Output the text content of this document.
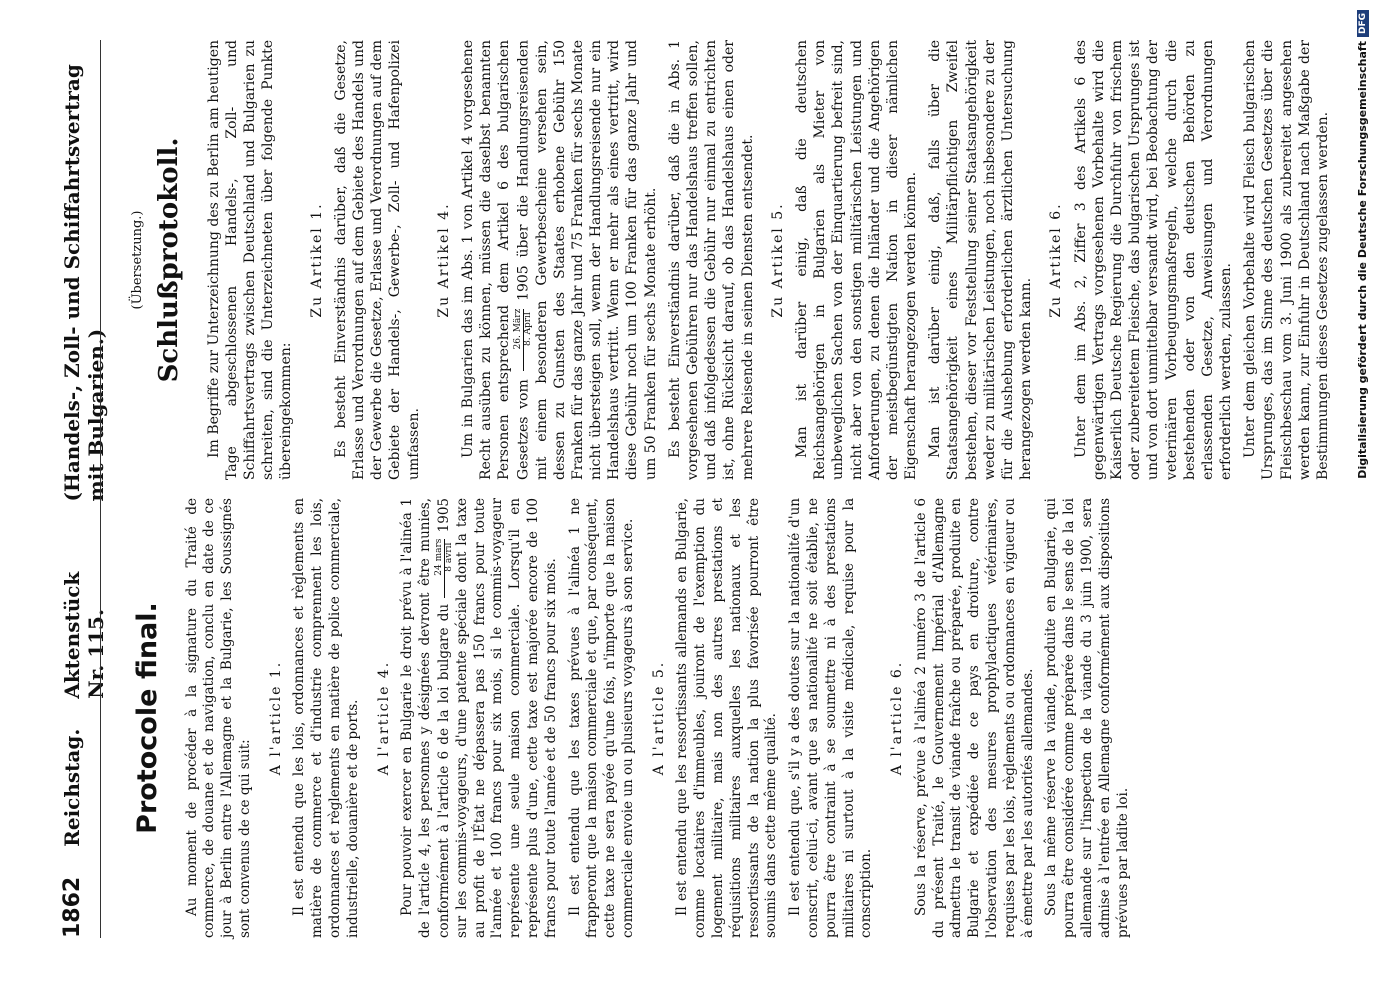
1862
Reichstag.
Aktenstück Nr. 115.
(Handels-, Zoll- und Schiffahrtsvertrag mit Bulgarien.)
Protocole final. Au moment de procéder à la signature du Traité de commerce, de douane et de navigation, conclu en date de ce jour à Berlin entre l'Allemagne et la Bulgarie, les Soussignés sont convenus de ce qui suit:

A l'article 1. Il est entendu que les lois, ordonnances et règlements en matière de commerce et d'industrie comprennent les lois, ordonnances et règlements en matière de police commerciale, industrielle, douanière et de ports. A l'article 4. Pour pouvoir exercer en Bulgarie le droit prévu à l'alinéa 1 de l'article 4, les personnes y désignées devront être munies, conformément à l'article 6 de la loi bulgare du
24 mars 8 avril
1905 sur les commis-voyageurs, d'une patente spéciale dont la taxe au profit de l'État ne dépassera pas 150 francs pour toute l'année et 100 francs pour six mois, si le commis-voyageur représente une seule maison commerciale. Lorsqu'il en représente plus d'une, cette taxe est majorée encore de 100 francs pour toute l'année et de 50 francs pour six mois. Il est entendu que les taxes prévues à l'alinéa 1 ne frapperont que la maison commerciale et que, par conséquent, cette taxe ne sera payée qu'une fois, n'importe que la maison commerciale envoie un ou plusieurs voyageurs à son service. A l'article 5. Il est entendu que les ressortissants allemands en Bulgarie, comme locataires d'immeubles, jouiront de l'exemption du logement militaire, mais non des autres prestations et réquisitions militaires auxquelles les nationaux et les ressortissants de la nation la plus favorisée pourront être soumis dans cette même qualité. Il est entendu que, s'il y a des doutes sur la nationalité d'un conscrit, celui-ci, avant que sa nationalité ne soit établie, ne pourra être contraint à se soumettre ni à des prestations militaires ni surtout à la visite médicale, requise pour la conscription.

A l'article 6. Sous la réserve, prévue à l'alinéa 2 numéro 3 de l'article 6 du présent Traité, le Gouvernement Impérial d'Allemagne admettra le transit de viande fraîche ou préparée, produite en Bulgarie et expédiée de ce pays en droiture, contre l'observation des mesures prophylactiques vétérinaires, requises par les lois, règlements ou ordonnances en vigueur ou à émettre par les autorités allemandes. Sous la même réserve la viande, produite en Bulgarie, qui pourra être considérée comme préparée dans le sens de la loi allemande sur l'inspection de la viande du 3 juin 1900, sera admise à l'entrée en Allemagne conformément aux dispositions prévues par ladite loi.

(Übersetzung.) Schlußprotokoll. Im Begriffe zur Unterzeichnung des zu Berlin am heutigen Tage abgeschlossenen Handels-, Zoll- und Schiffahrtsvertrags zwischen Deutschland und Bulgarien zu schreiten, sind die Unterzeichneten über folgende Punkte übereingekommen:

Zu Artikel 1. Es besteht Einverständnis darüber, daß die Gesetze, Erlasse und Verordnungen auf dem Gebiete des Handels und der Gewerbe die Gesetze, Erlasse und Verordnungen auf dem Gebiete der Handels-, Gewerbe-, Zoll- und Hafenpolizei umfassen.

Zu Artikel 4. Um in Bulgarien das im Abs. 1 von Artikel 4 vorgesehene Recht ausüben zu können, müssen die daselbst benannten Personen entsprechend dem Artikel 6 des bulgarischen Gesetzes vom
26. März 8. April
1905 über die Handlungsreisenden mit einem besonderen Gewerbescheine versehen sein, dessen zu Gunsten des Staates erhobene Gebühr 150 Franken für das ganze Jahr und 75 Franken für sechs Monate nicht übersteigen soll, wenn der Handlungsreisende nur ein Handelshaus vertritt. Wenn er mehr als eines vertritt, wird diese Gebühr noch um 100 Franken für das ganze Jahr und um 50 Franken für sechs Monate erhöht. Es besteht Einverständnis darüber, daß die in Abs. 1 vorgesehenen Gebühren nur das Handelshaus treffen sollen, und daß infolgedessen die Gebühr nur einmal zu entrichten ist, ohne Rücksicht darauf, ob das Handelshaus einen oder mehrere Reisende in seinen Diensten entsendet. Zu Artikel 5. Man ist darüber einig, daß die deutschen Reichsangehörigen in Bulgarien als Mieter von unbeweglichen Sachen von der Einquartierung befreit sind, nicht aber von den sonstigen militärischen Leistungen und Anforderungen, zu denen die Inländer und die Angehörigen der meistbegünstigten Nation in dieser nämlichen Eigenschaft herangezogen werden können. Man ist darüber einig, daß, falls über die Staatsangehörigkeit eines Militärpflichtigen Zweifel bestehen, dieser vor Feststellung seiner Staatsangehörigkeit weder zu militärischen Leistungen, noch insbesondere zu der für die Aushebung erforderlichen ärztlichen Untersuchung herangezogen werden kann.

Zu Artikel 6. Unter dem im Abs. 2, Ziffer 3 des Artikels 6 des gegenwärtigen Vertrags vorgesehenen Vorbehalte wird die Kaiserlich Deutsche Regierung die Durchfuhr von frischem oder zubereitetem Fleische, das bulgarischen Ursprunges ist und von dort unmittelbar versandt wird, bei Beobachtung der veterinären Vorbeugungsmaßregeln, welche durch die bestehenden oder von den deutschen Behörden zu erlassenden Gesetze, Anweisungen und Verordnungen erforderlich werden, zulassen. Unter dem gleichen Vorbehalte wird Fleisch bulgarischen Ursprunges, das im Sinne des deutschen Gesetzes über die Fleischbeschau vom 3. Juni 1900 als zubereitet angesehen werden kann, zur Einfuhr in Deutschland nach Maßgabe der Bestimmungen dieses Gesetzes zugelassen werden. Digitalisierung gefördert durch die Deutsche Forschungsgemeinschaft
DFG
